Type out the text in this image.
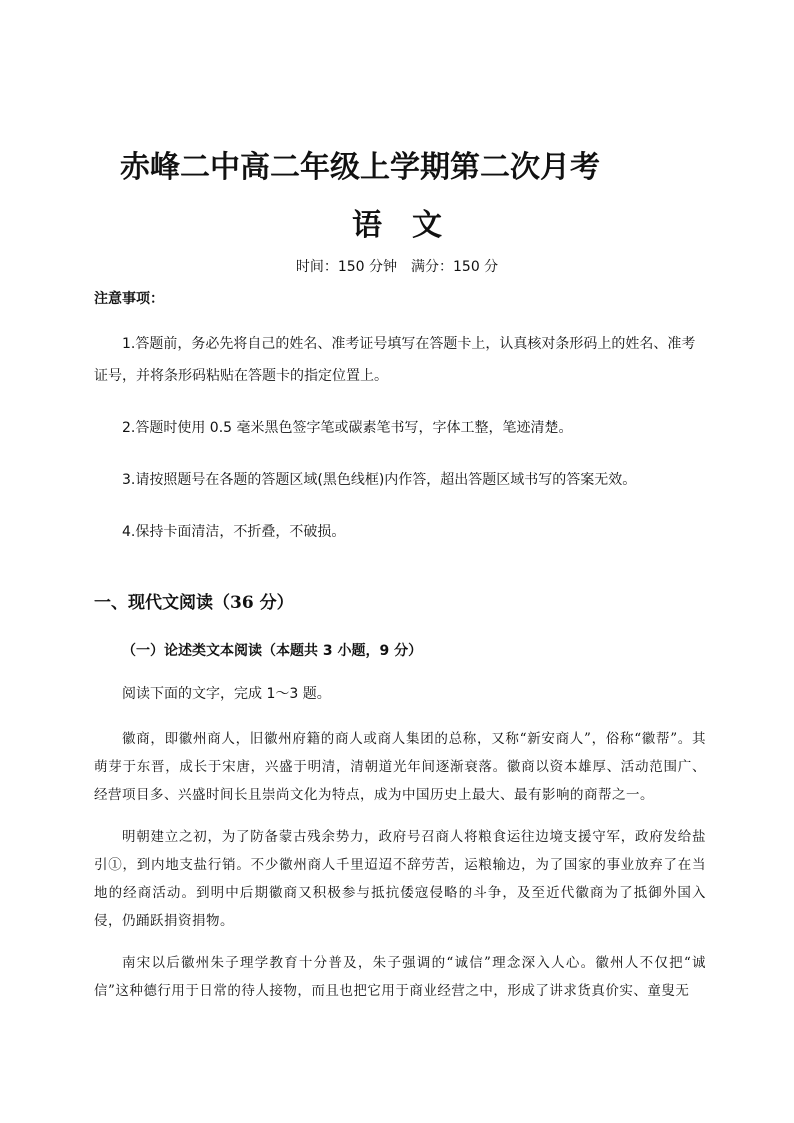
赤峰二中高二年级上学期第二次月考
语　文
时间：150 分钟　满分：150 分
注意事项：

1.答题前，务必先将自己的姓名、准考证号填写在答题卡上，认真核对条形码上的姓名、准考证号，并将条形码粘贴在答题卡的指定位置上。

2.答题时使用 0.5 毫米黑色签字笔或碳素笔书写，字体工整，笔迹清楚。

3.请按照题号在各题的答题区域(黑色线框)内作答，超出答题区域书写的答案无效。

4.保持卡面清洁，不折叠，不破损。

一、现代文阅读（36 分）
（一）论述类文本阅读（本题共 3 小题，9 分）
阅读下面的文字，完成 1～3 题。

徽商，即徽州商人，旧徽州府籍的商人或商人集团的总称，又称“新安商人”，俗称“徽帮”。其萌芽于东晋，成长于宋唐，兴盛于明清，清朝道光年间逐渐衰落。徽商以资本雄厚、活动范围广、经营项目多、兴盛时间长且崇尚文化为特点，成为中国历史上最大、最有影响的商帮之一。

明朝建立之初，为了防备蒙古残余势力，政府号召商人将粮食运往边境支援守军，政府发给盐引①，到内地支盐行销。不少徽州商人千里迢迢不辞劳苦，运粮输边，为了国家的事业放弃了在当地的经商活动。到明中后期徽商又积极参与抵抗倭寇侵略的斗争，及至近代徽商为了抵御外国入侵，仍踊跃捐资捐物。

南宋以后徽州朱子理学教育十分普及，朱子强调的“诚信”理念深入人心。徽州人不仅把“诚信”这种德行用于日常的待人接物，而且也把它用于商业经营之中，形成了讲求货真价实、童叟无
